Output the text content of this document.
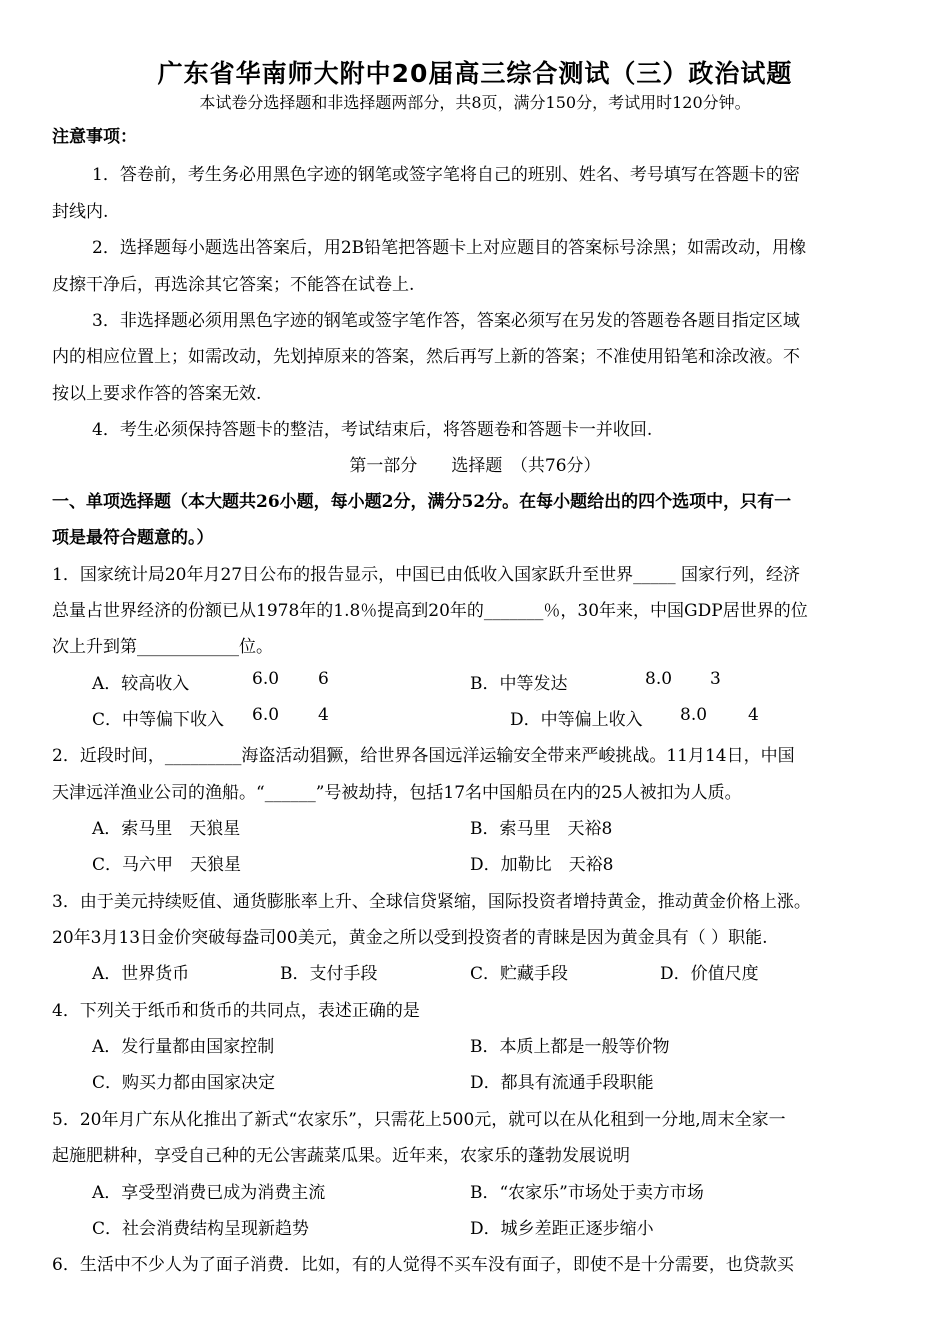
广东省华南师大附中20届高三综合测试（三）政治试题
本试卷分选择题和非选择题两部分，共8页，满分150分，考试用时120分钟。
注意事项：
1．答卷前，考生务必用黑色字迹的钢笔或签字笔将自己的班别、姓名、考号填写在答题卡的密
封线内.
2．选择题每小题选出答案后，用2B铅笔把答题卡上对应题目的答案标号涂黑；如需改动，用橡
皮擦干净后，再选涂其它答案；不能答在试卷上.
3．非选择题必须用黑色字迹的钢笔或签字笔作答，答案必须写在另发的答题卷各题目指定区域
内的相应位置上；如需改动，先划掉原来的答案，然后再写上新的答案；不准使用铅笔和涂改液。不
按以上要求作答的答案无效.
4．考生必须保持答题卡的整洁，考试结束后，将答题卷和答题卡一并收回.
第一部分　　选择题　（共76分）
一、单项选择题（本大题共26小题，每小题2分，满分52分。在每小题给出的四个选项中，只有一
项是最符合题意的。）
1．国家统计局20年月27日公布的报告显示，中国已由低收入国家跃升至世界_____ 国家行列，经济
总量占世界经济的份额已从1978年的1.8％提高到20年的_______％，30年来，中国GDP居世界的位
次上升到第____________位。
A．较高收入	6.0 6	B．中等发达	8.0 3
C．中等偏下收入 6.0 4	D．中等偏上收入 8.0 4
2．近段时间，_________海盗活动猖獗，给世界各国远洋运输安全带来严峻挑战。11月14日，中国
天津远洋渔业公司的渔船。“______”号被劫持，包括17名中国船员在内的25人被扣为人质。
A．索马里　天狼星	B．索马里　天裕8
C．马六甲　天狼星	D．加勒比　天裕8
3．由于美元持续贬值、通货膨胀率上升、全球信贷紧缩，国际投资者增持黄金，推动黄金价格上涨。
20年3月13日金价突破每盎司00美元，黄金之所以受到投资者的青睐是因为黄金具有（ ）职能.
A．世界货币	B．支付手段	C．贮藏手段	D．价值尺度
4．下列关于纸币和货币的共同点，表述正确的是
A．发行量都由国家控制	B．本质上都是一般等价物
C．购买力都由国家决定	D．都具有流通手段职能
5．20年月广东从化推出了新式“农家乐”，只需花上500元，就可以在从化租到一分地,周末全家一
起施肥耕种，享受自己种的无公害蔬菜瓜果。近年来，农家乐的蓬勃发展说明
A．享受型消费已成为消费主流	B．“农家乐”市场处于卖方市场
C．社会消费结构呈现新趋势	D．城乡差距正逐步缩小
6．生活中不少人为了面子消费．比如，有的人觉得不买车没有面子，即使不是十分需要，也贷款买
